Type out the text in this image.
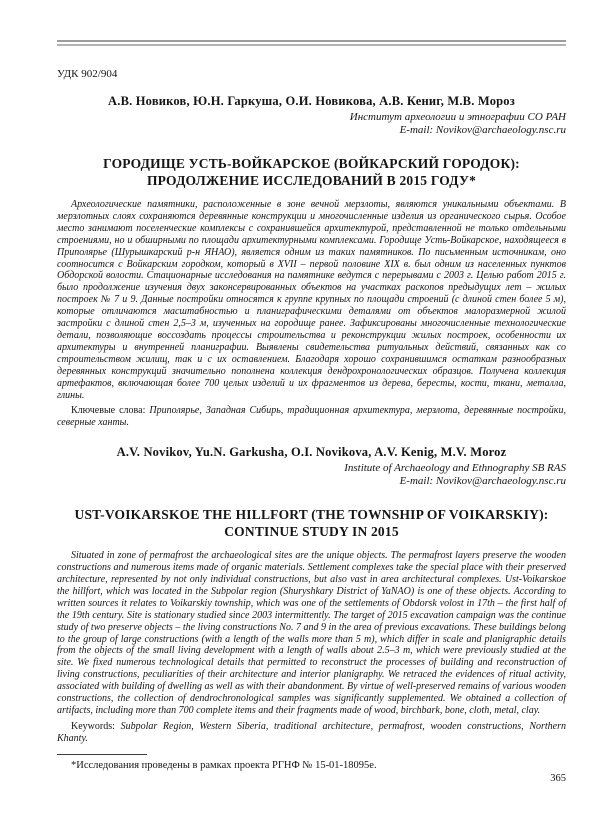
УДК 902/904
А.В. Новиков, Ю.Н. Гаркуша, О.И. Новикова, А.В. Кениг, М.В. Мороз
Институт археологии и этнографии СО РАН
E-mail: Novikov@archaeology.nsc.ru
ГОРОДИЩЕ УСТЬ-ВОЙКАРСКОЕ (ВОЙКАРСКИЙ ГОРОДОК):
ПРОДОЛЖЕНИЕ ИССЛЕДОВАНИЙ В 2015 ГОДУ*

Археологические памятники, расположенные в зоне вечной мерзлоты, являются уникальными объектами. В мерзлотных слоях сохраняются деревянные конструкции и многочисленные изделия из органического сырья. Особое место занимают поселенческие комплексы с сохранившейся архитектурой, представленной не только отдельными строениями, но и обширными по площади архитектурными комплексами. Городище Усть-Войкарское, находящееся в Приполярье (Шурышкарский р-н ЯНАО), является одним из таких памятников. По письменным источникам, оно соотносится с Войкарским городком, который в XVII – первой половине XIX в. был одним из населенных пунктов Обдорской волости. Стационарные исследования на памятнике ведутся с перерывами с 2003 г. Целью работ 2015 г. было продолжение изучения двух законсервированных объектов на участках раскопов предыдущих лет – жилых построек № 7 и 9. Данные постройки относятся к группе крупных по площади строений (с длиной стен более 5 м), которые отличаются масштабностью и планиграфическими деталями от объектов малоразмерной жилой застройки с длиной стен 2,5–3 м, изученных на городище ранее. Зафиксированы многочисленные технологические детали, позволяющие воссоздать процессы строительства и реконструкции жилых построек, особенности их архитектуры и внутренней планиграфии. Выявлены свидетельства ритуальных действий, связанных как со строительством жилищ, так и с их оставлением. Благодаря хорошо сохранившимся остаткам разнообразных деревянных конструкций значительно пополнена коллекция дендрохронологических образцов. Получена коллекция артефактов, включающая более 700 целых изделий и их фрагментов из дерева, бересты, кости, ткани, металла, глины.

Ключевые слова: Приполярье, Западная Сибирь, традиционная архитектура, мерзлота, деревянные постройки, северные ханты.

A.V. Novikov, Yu.N. Garkusha, O.I. Novikova, A.V. Kenig, M.V. Moroz
Institute of Archaeology and Ethnography SB RAS
E-mail: Novikov@archaeology.nsc.ru
UST-VOIKARSKOE THE HILLFORT (THE TOWNSHIP OF VOIKARSKIY):
CONTINUE STUDY IN 2015

Situated in zone of permafrost the archaeological sites are the unique objects. The permafrost layers preserve the wooden constructions and numerous items made of organic materials. Settlement complexes take the special place with their preserved architecture, represented by not only individual constructions, but also vast in area architectural complexes. Ust-Voikarskoe the hillfort, which was located in the Subpolar region (Shuryshkary District of YaNAO) is one of these objects. According to written sources it relates to Voikarskiy township, which was one of the settlements of Obdorsk volost in 17th – the first half of the 19th century. Site is stationary studied since 2003 intermittently. The target of 2015 excavation campaign was the continue study of two preserve objects – the living constructions No. 7 and 9 in the area of previous excavations. These buildings belong to the group of large constructions (with a length of the walls more than 5 m), which differ in scale and planigraphic details from the objects of the small living development with a length of walls about 2.5–3 m, which were previously studied at the site. We fixed numerous technological details that permitted to reconstruct the processes of building and reconstruction of living constructions, peculiarities of their architecture and interior planigraphy. We retraced the evidences of ritual activity, associated with building of dwelling as well as with their abandonment. By virtue of well-preserved remains of various wooden constructions, the collection of dendrochronological samples was significantly supplemented. We obtained a collection of artifacts, including more than 700 complete items and their fragments made of wood, birchbark, bone, cloth, metal, clay.

Keywords: Subpolar Region, Western Siberia, traditional architecture, permafrost, wooden constructions, Northern Khanty.

*Исследования проведены в рамках проекта РГНФ № 15-01-18095е.

365
